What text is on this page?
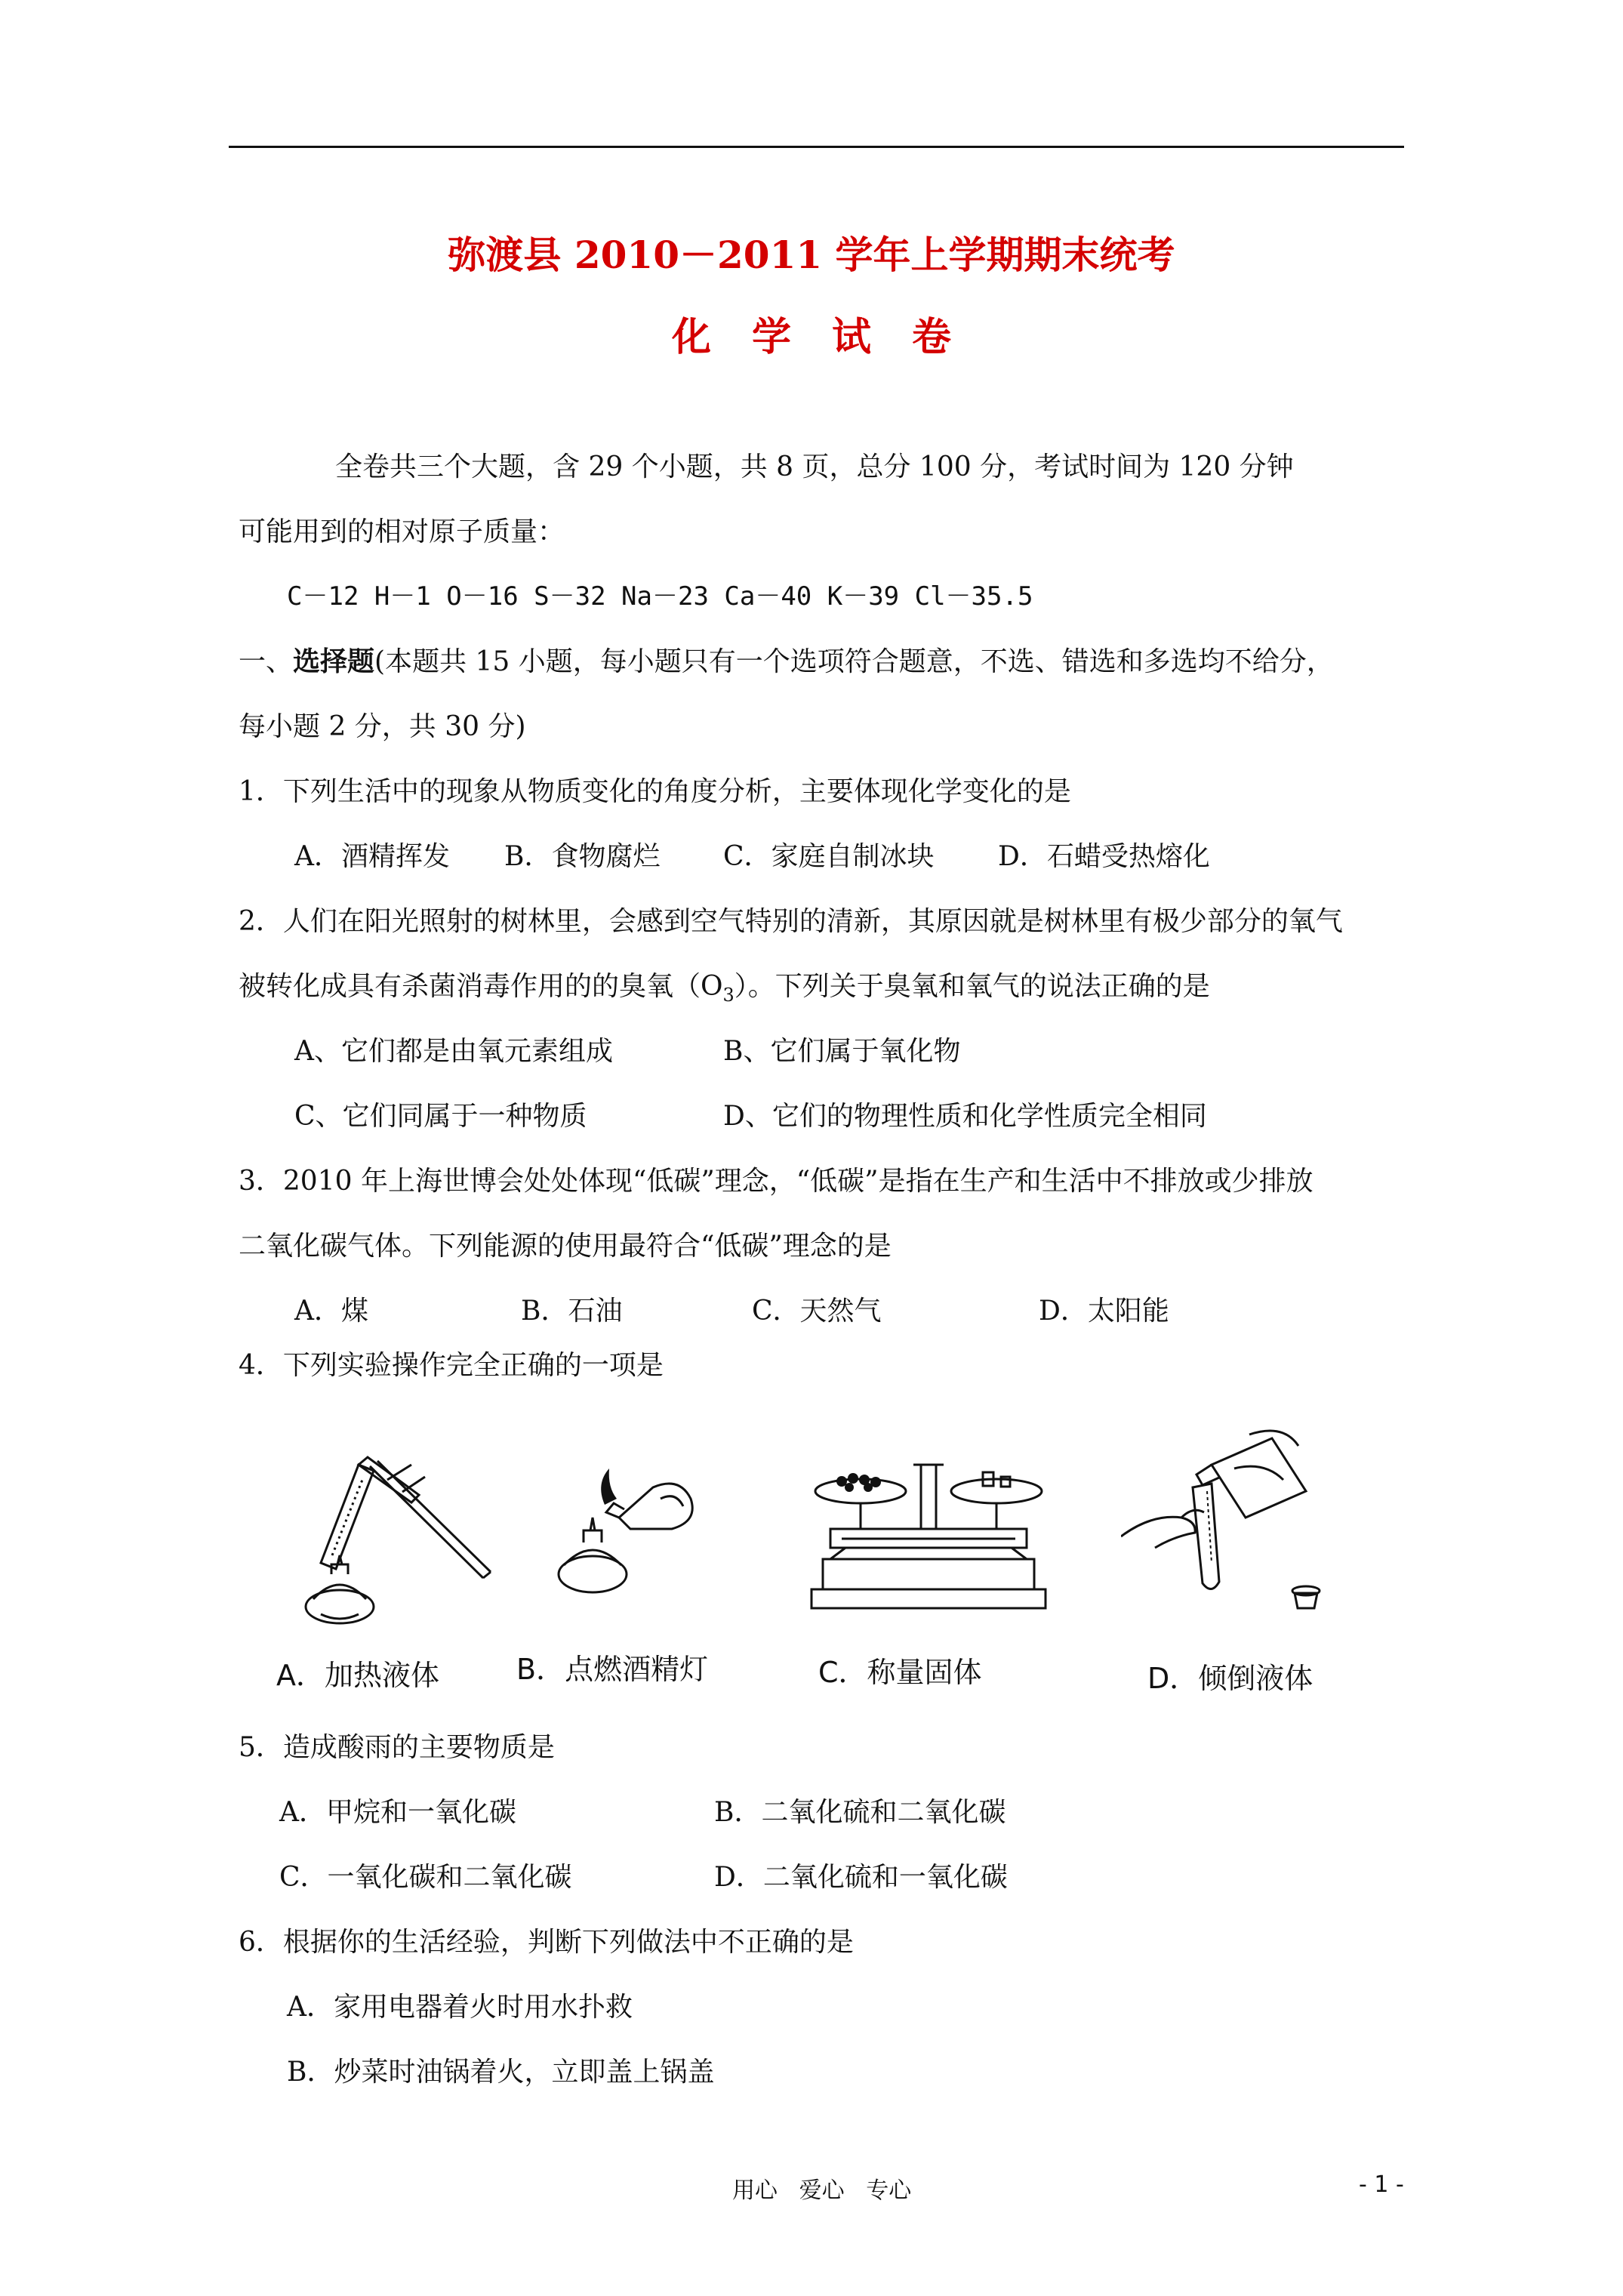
弥渡县 2010－2011 学年上学期期末统考
化学试卷
全卷共三个大题，含 29 个小题，共 8 页，总分 100 分，考试时间为 120 分钟
可能用到的相对原子质量：
C－12 H－1 O－16 S－32 Na－23 Ca－40 K－39 Cl－35.5
一、选择题(本题共 15 小题，每小题只有一个选项符合题意，不选、错选和多选均不给分，
每小题 2 分，共 30 分)
1．下列生活中的现象从物质变化的角度分析，主要体现化学变化的是
A．酒精挥发 B．食物腐烂 C．家庭自制冰块 D．石蜡受热熔化
2．人们在阳光照射的树林里，会感到空气特别的清新，其原因就是树林里有极少部分的氧气
被转化成具有杀菌消毒作用的的臭氧$(O_3)$。下列关于臭氧和氧气的说法正确的是
A、它们都是由氧元素组成	B、它们属于氧化物
C、它们同属于一种物质	D、它们的物理性质和化学性质完全相同
3．2010 年上海世博会处处体现“低碳”理念，“低碳”是指在生产和生活中不排放或少排放
二氧化碳气体。下列能源的使用最符合“低碳”理念的是
A．煤	B．石油	C．天然气	D．太阳能
4．下列实验操作完全正确的一项是
A．加热液体	B．点燃酒精灯	C．称量固体	D．倾倒液体
5．造成酸雨的主要物质是
A．甲烷和一氧化碳	B．二氧化硫和二氧化碳
C．一氧化碳和二氧化碳	D．二氧化硫和一氧化碳
6．根据你的生活经验，判断下列做法中不正确的是
A．家用电器着火时用水扑救
B．炒菜时油锅着火，立即盖上锅盖
用心   爱心   专心	- 1 -
